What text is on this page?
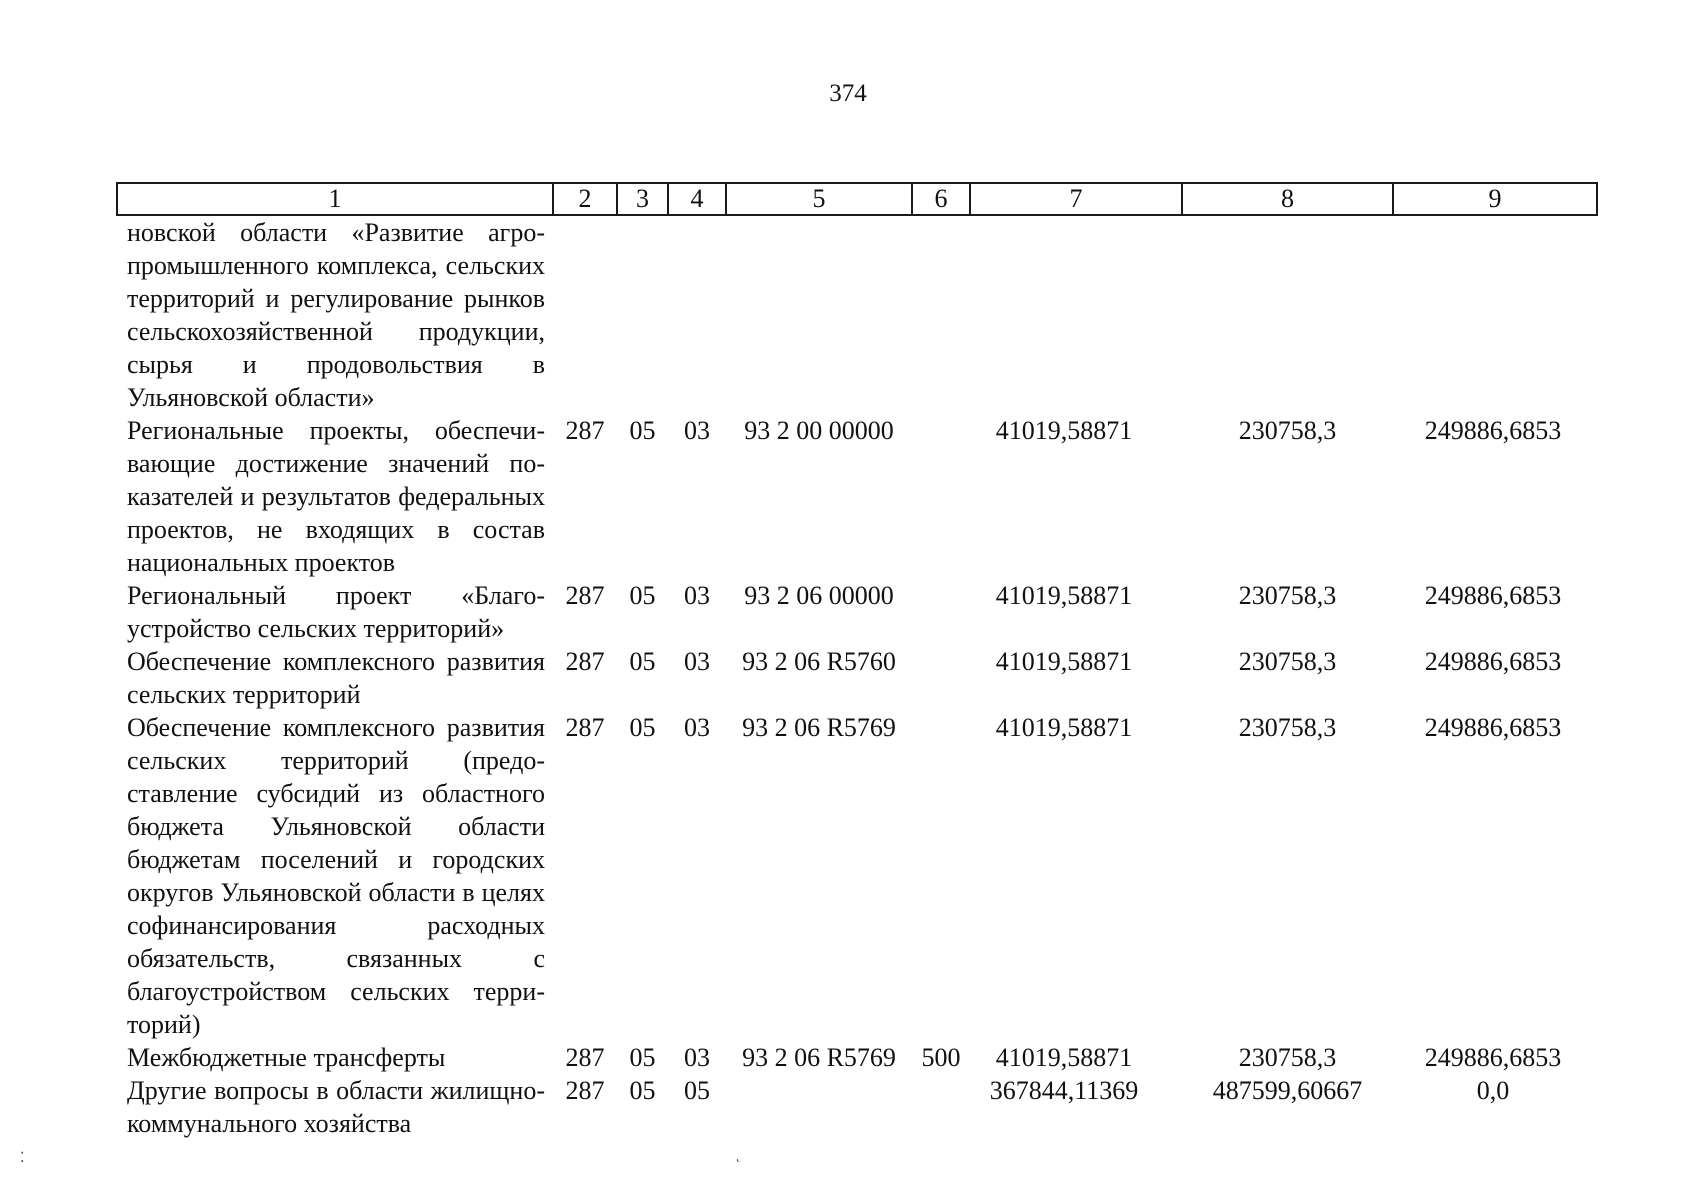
374
1	2	3	4	5	6	7	8	9
новской области «Развитие агропромышленного комплекса, сельских территорий и регулирование рынков сельскохозяйственной продукции, сырья и продовольствия в Ульяновской области»								
Региональные проекты, обеспечивающие достижение значений показателей и результатов федеральных проектов, не входящих в состав национальных проектов	287	05	03	93 2 00 00000		41019,58871	230758,3	249886,6853
Региональный проект «Благоустройство сельских территорий»	287	05	03	93 2 06 00000		41019,58871	230758,3	249886,6853
Обеспечение комплексного развития сельских территорий	287	05	03	93 2 06 R5760		41019,58871	230758,3	249886,6853
Обеспечение комплексного развития сельских территорий (предоставление субсидий из областного бюджета Ульяновской области бюджетам поселений и городских округов Ульяновской области в целях софинансирования расходных обязательств, связанных с благоустройством сельских территорий)	287	05	03	93 2 06 R5769		41019,58871	230758,3	249886,6853
Межбюджетные трансферты	287	05	03	93 2 06 R5769	500	41019,58871	230758,3	249886,6853
Другие вопросы в области жилищно-коммунального хозяйства	287	05	05			367844,11369	487599,60667	0,0
⁚	˛
